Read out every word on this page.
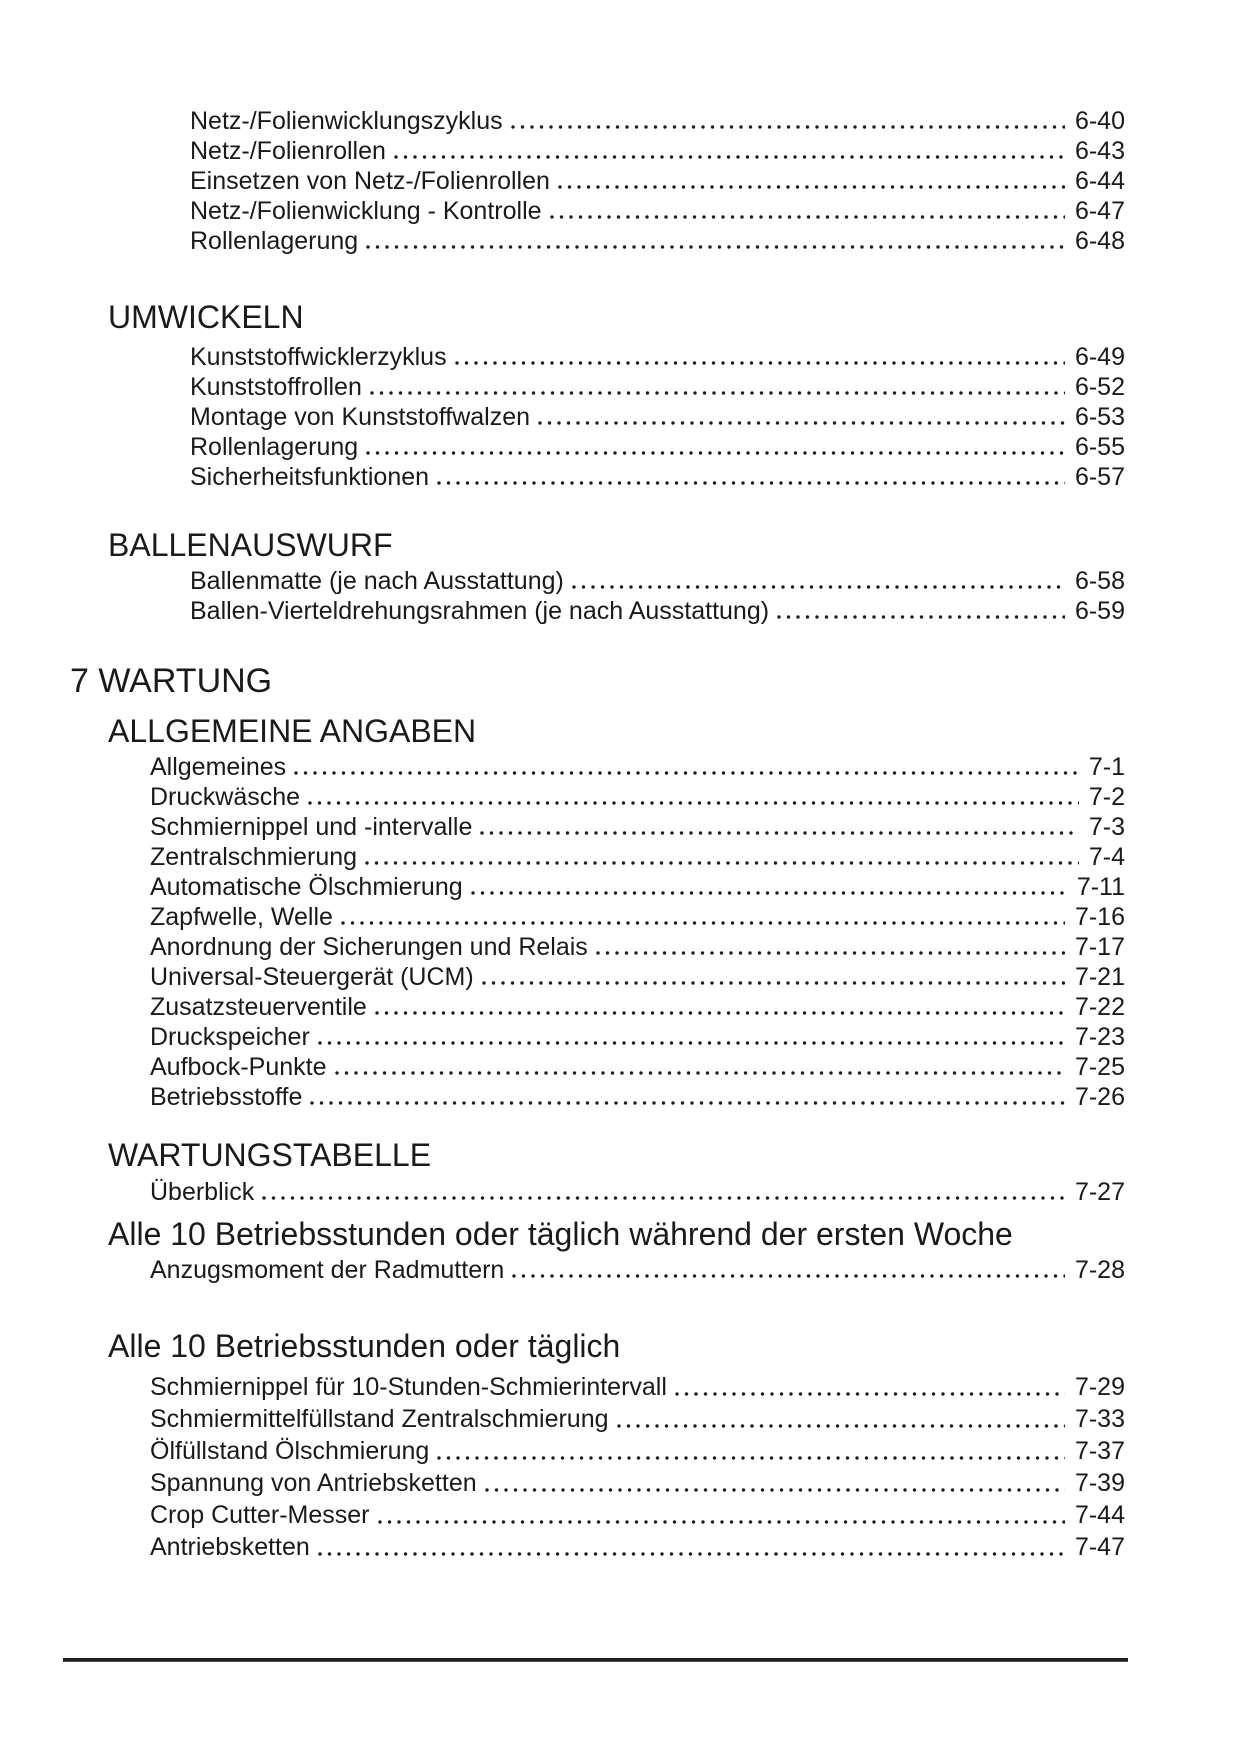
Netz-/Folienwicklungszyklus	6-40
Netz-/Folienrollen	6-43
Einsetzen von Netz-/Folienrollen	6-44
Netz-/Folienwicklung - Kontrolle	6-47
Rollenlagerung	6-48
UMWICKELN
Kunststoffwicklerzyklus	6-49
Kunststoffrollen	6-52
Montage von Kunststoffwalzen	6-53
Rollenlagerung	6-55
Sicherheitsfunktionen	6-57
BALLENAUSWURF
Ballenmatte (je nach Ausstattung)	6-58
Ballen-Vierteldrehungsrahmen (je nach Ausstattung)	6-59
7 WARTUNG
ALLGEMEINE ANGABEN
Allgemeines	7-1
Druckwäsche	7-2
Schmiernippel und -intervalle	7-3
Zentralschmierung	7-4
Automatische Ölschmierung	7-11
Zapfwelle, Welle	7-16
Anordnung der Sicherungen und Relais	7-17
Universal-Steuergerät (UCM)	7-21
Zusatzsteuerventile	7-22
Druckspeicher	7-23
Aufbock-Punkte	7-25
Betriebsstoffe	7-26
WARTUNGSTABELLE
Überblick	7-27
Alle 10 Betriebsstunden oder täglich während der ersten Woche
Anzugsmoment der Radmuttern	7-28
Alle 10 Betriebsstunden oder täglich
Schmiernippel für 10-Stunden-Schmierintervall	7-29
Schmiermittelfüllstand Zentralschmierung	7-33
Ölfüllstand Ölschmierung	7-37
Spannung von Antriebsketten	7-39
Crop Cutter-Messer	7-44
Antriebsketten	7-47
